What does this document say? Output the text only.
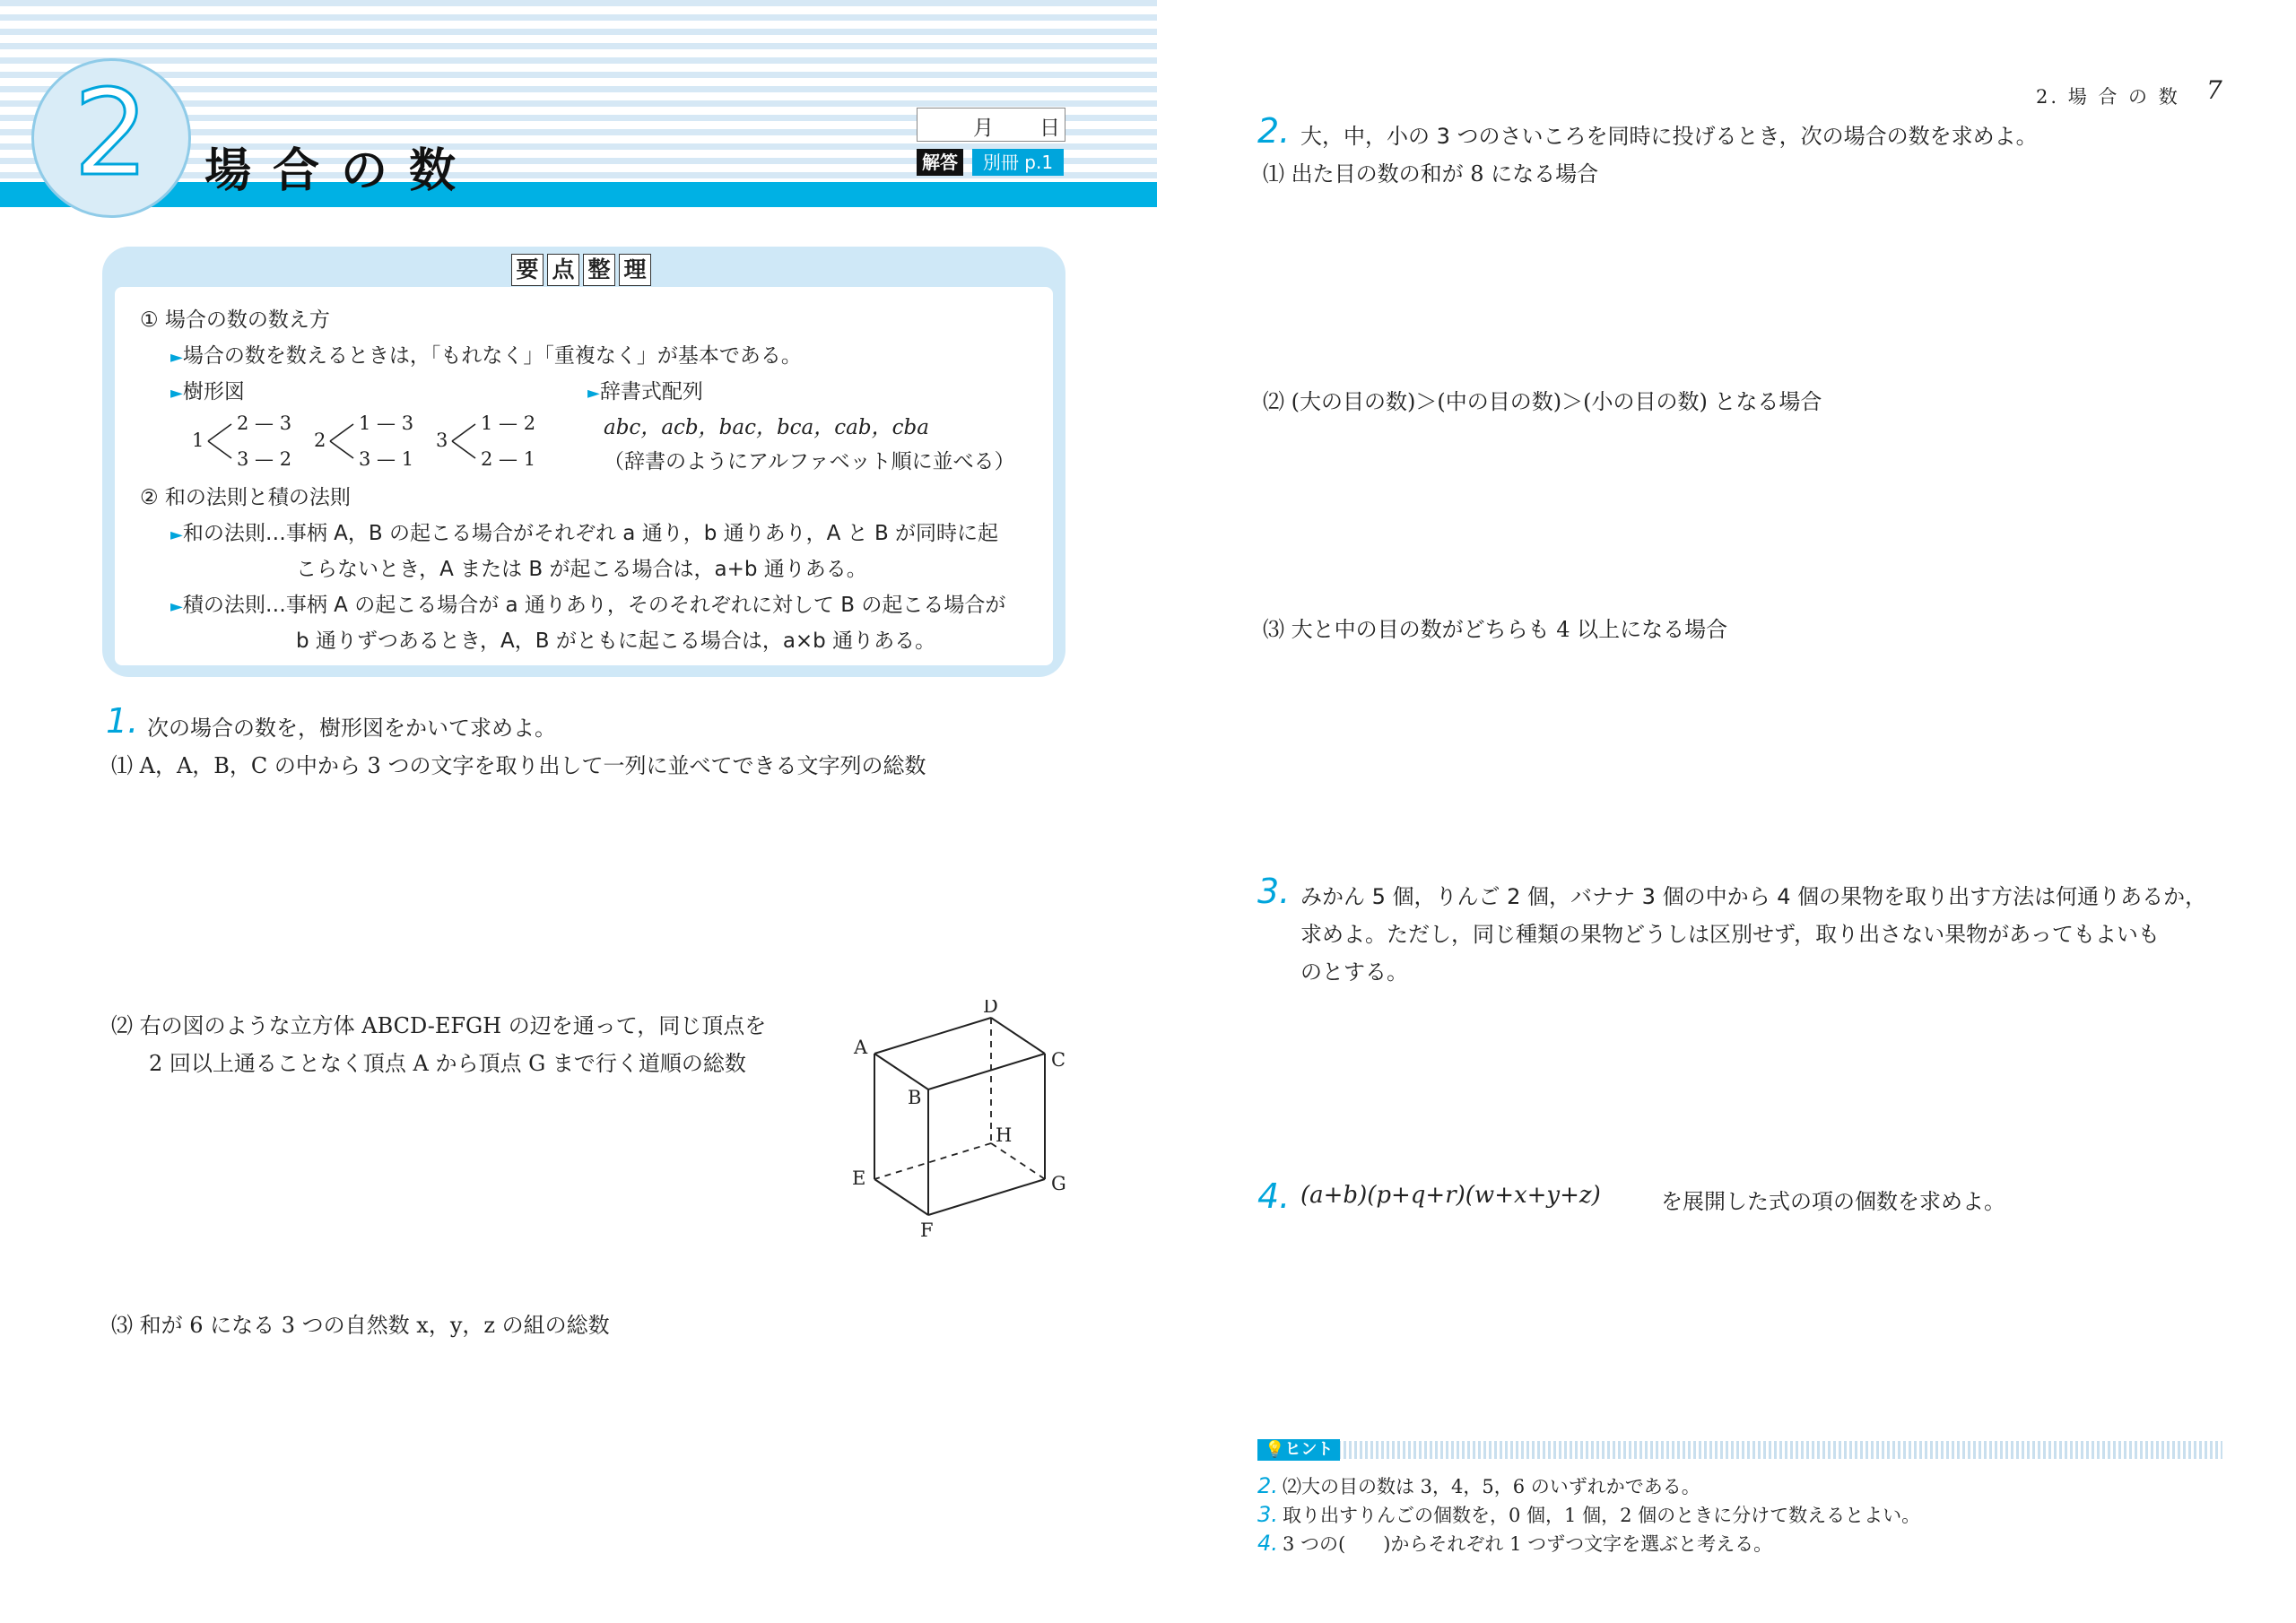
2	場合の数
月 日
解答	別冊 p.1
要 点 整 理
① 場合の数の数え方
►場合の数を数えるときは，「もれなく」「重複なく」が基本である。
►樹形図	►辞書式配列
1
2 — 3
3 — 2
2
1 — 3
3 — 1
3
1 — 2
2 — 1
abc，acb，bac，bca，cab，cba
（辞書のようにアルファベット順に並べる）
② 和の法則と積の法則
►和の法則…事柄 A，B の起こる場合がそれぞれ a 通り，b 通りあり，A と B が同時に起
こらないとき，A または B が起こる場合は，a+b 通りある。
►積の法則…事柄 A の起こる場合が a 通りあり，そのそれぞれに対して B の起こる場合が
b 通りずつあるとき，A，B がともに起こる場合は，a×b 通りある。
1. 次の場合の数を，樹形図をかいて求めよ。
⑴ A，A，B，C の中から 3 つの文字を取り出して一列に並べてできる文字列の総数
⑵ 右の図のような立方体 ABCD-EFGH の辺を通って，同じ頂点を
2 回以上通ることなく頂点 A から頂点 G まで行く道順の総数
⑶ 和が 6 になる 3 つの自然数 x，y，z の組の総数
A
B
C
D
E
F
G
H
2. 場 合 の 数 7
2. 大，中，小の 3 つのさいころを同時に投げるとき，次の場合の数を求めよ。
⑴ 出た目の数の和が 8 になる場合
⑵ (大の目の数)＞(中の目の数)＞(小の目の数) となる場合
⑶ 大と中の目の数がどちらも 4 以上になる場合
3. みかん 5 個，りんご 2 個，バナナ 3 個の中から 4 個の果物を取り出す方法は何通りあるか，
求めよ。ただし，同じ種類の果物どうしは区別せず，取り出さない果物があってもよいも
のとする。
4. (a+b)(p+q+r)(w+x+y+z)	を展開した式の項の個数を求めよ。
💡ヒント
2. ⑵大の目の数は 3，4，5，6 のいずれかである。
3. 取り出すりんごの個数を，0 個，1 個，2 個のときに分けて数えるとよい。
4. 3 つの(　　)からそれぞれ 1 つずつ文字を選ぶと考える。
